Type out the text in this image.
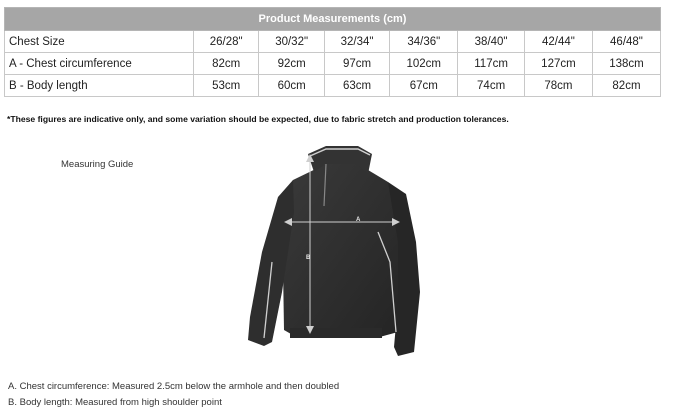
Product Measurements (cm)							
Chest Size	26/28"	30/32"	32/34"	34/36"	38/40"	42/44"	46/48"
A - Chest circumference	82cm	92cm	97cm	102cm	117cm	127cm	138cm
B - Body length	53cm	60cm	63cm	67cm	74cm	78cm	82cm
*These figures are indicative only, and some variation should be expected, due to fabric stretch and production tolerances.
Measuring Guide
A
B
A. Chest circumference: Measured 2.5cm below the armhole and then doubled
B. Body length: Measured from high shoulder point
